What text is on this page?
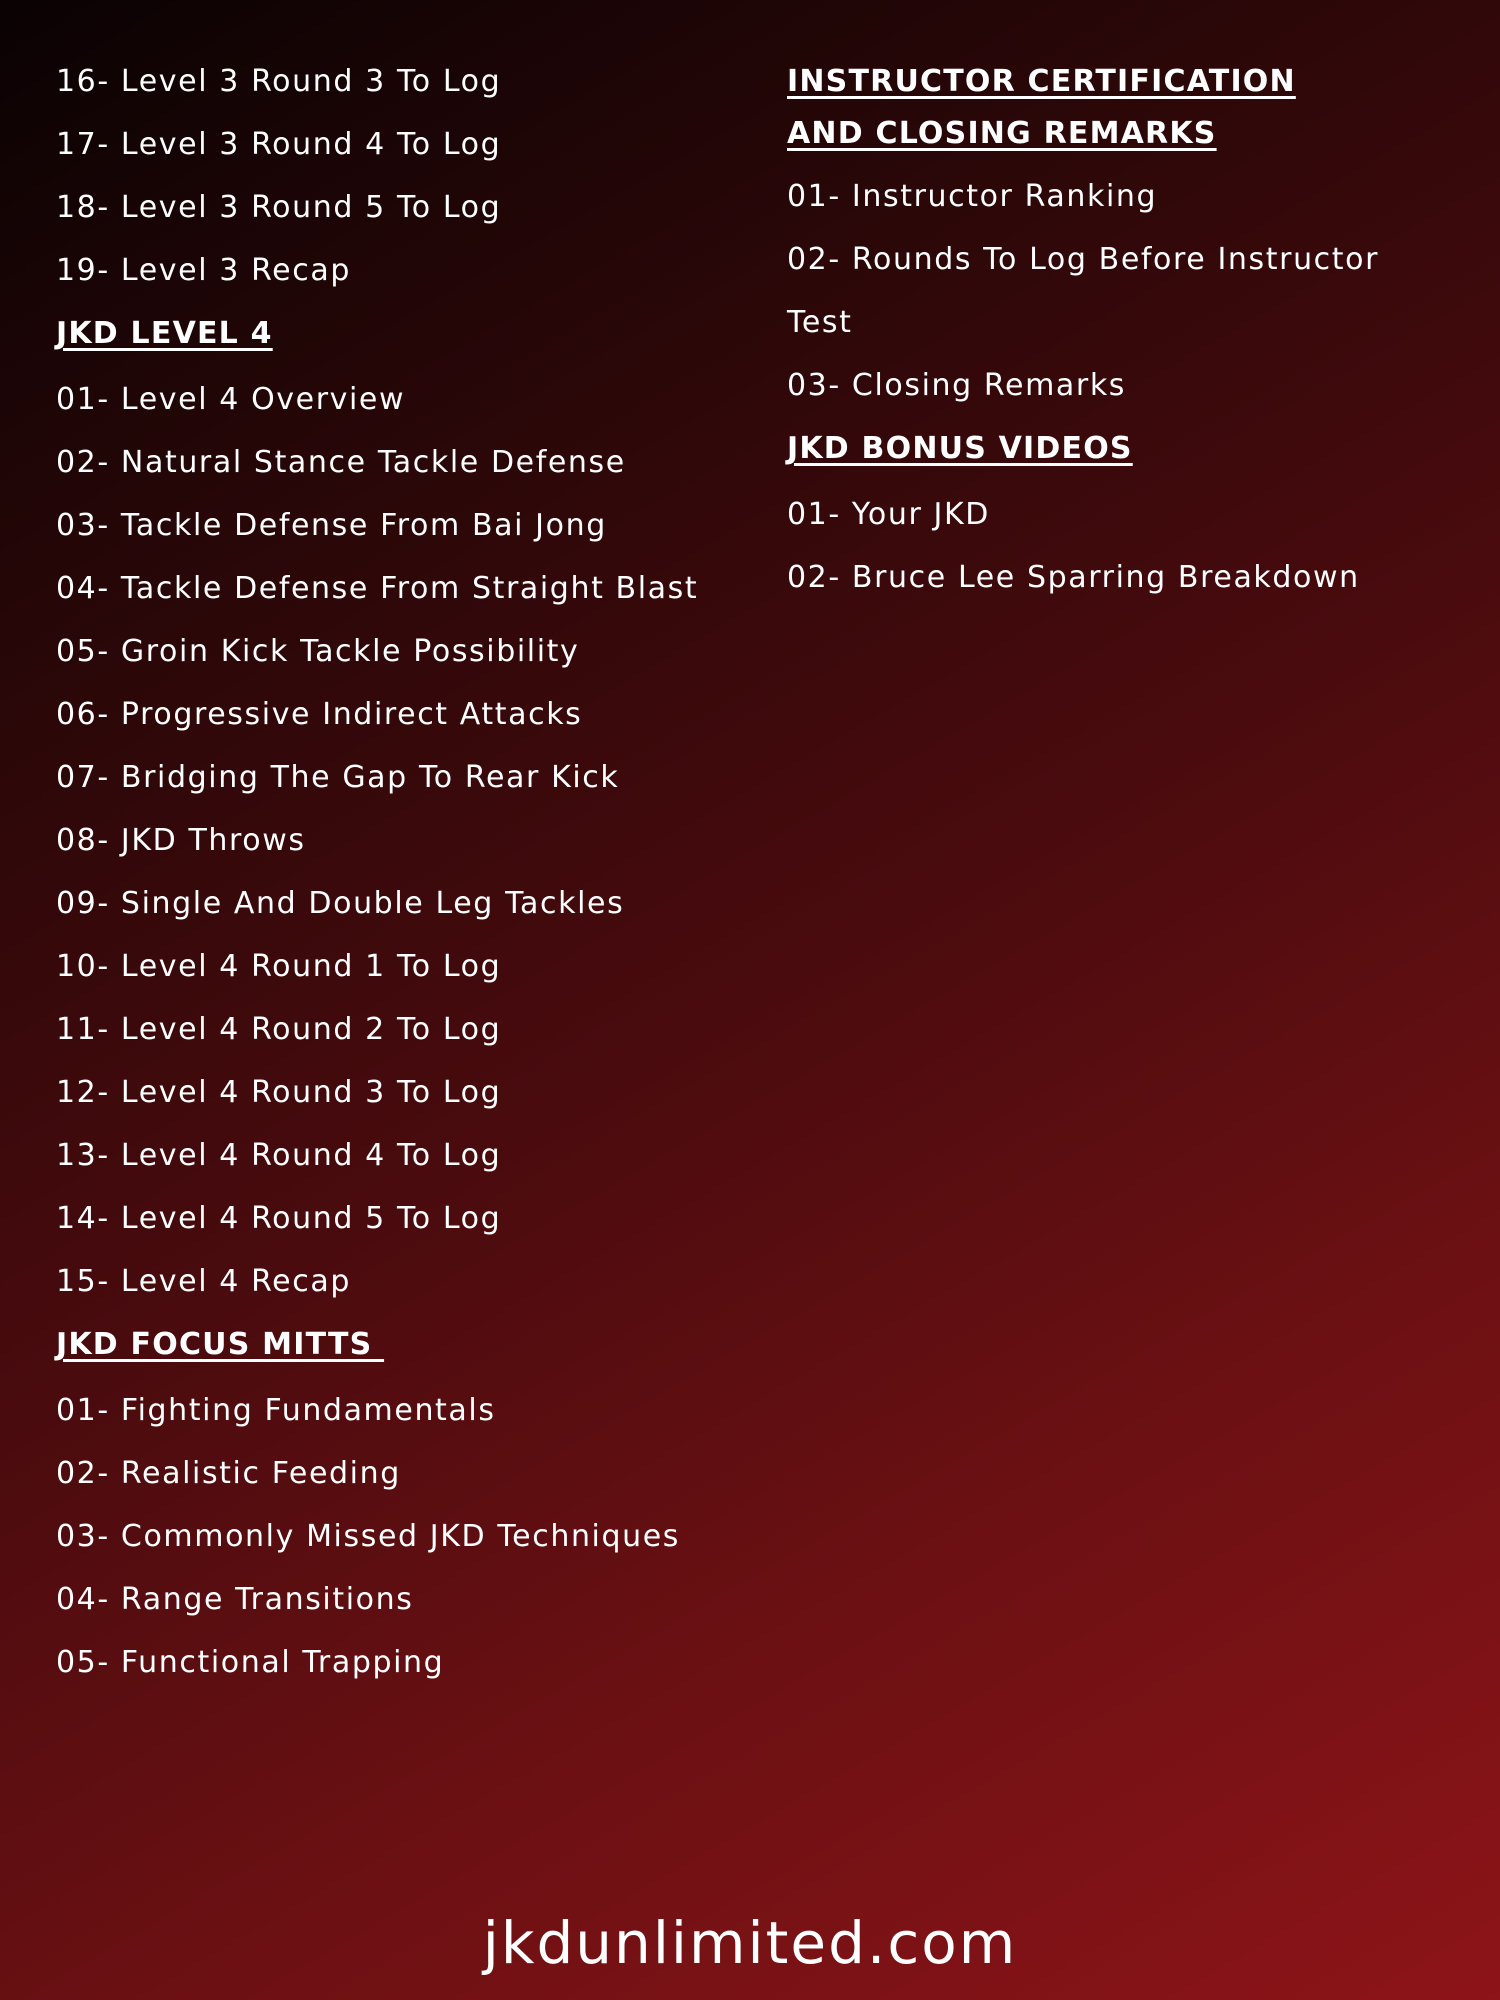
16- Level 3 Round 3 To Log
17- Level 3 Round 4 To Log
18- Level 3 Round 5 To Log
19- Level 3 Recap
JKD LEVEL 4
01- Level 4 Overview
02- Natural Stance Tackle Defense
03- Tackle Defense From Bai Jong
04- Tackle Defense From Straight Blast
05- Groin Kick Tackle Possibility
06- Progressive Indirect Attacks
07- Bridging The Gap To Rear Kick
08- JKD Throws
09- Single And Double Leg Tackles
10- Level 4 Round 1 To Log
11- Level 4 Round 2 To Log
12- Level 4 Round 3 To Log
13- Level 4 Round 4 To Log
14- Level 4 Round 5 To Log
15- Level 4 Recap
JKD FOCUS MITTS
01- Fighting Fundamentals
02- Realistic Feeding
03- Commonly Missed JKD Techniques
04- Range Transitions
05- Functional Trapping
INSTRUCTOR CERTIFICATION
AND CLOSING REMARKS
01- Instructor Ranking
02- Rounds To Log Before Instructor
Test
03- Closing Remarks
JKD BONUS VIDEOS
01- Your JKD
02- Bruce Lee Sparring Breakdown
jkdunlimited.com
